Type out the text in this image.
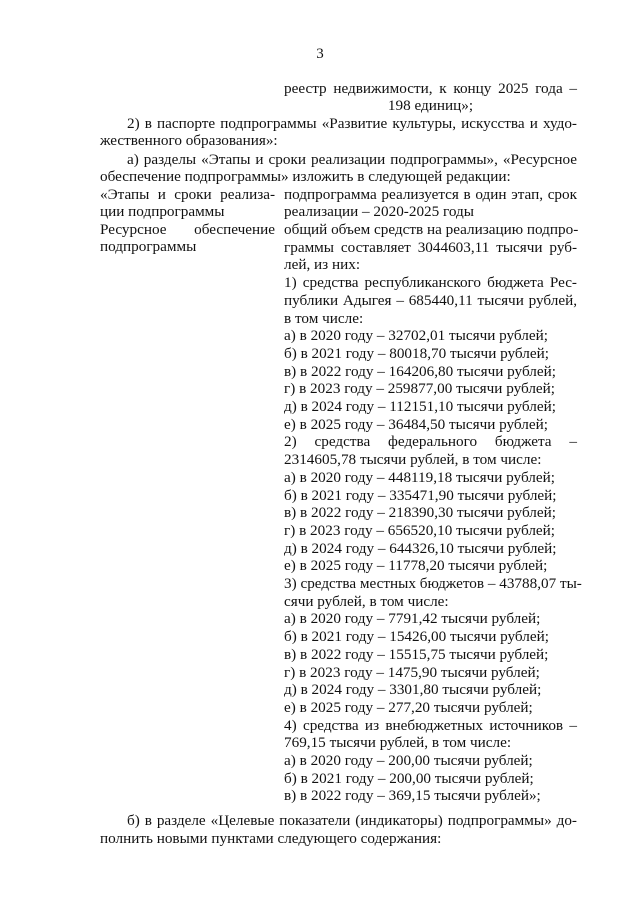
3
реестр недвижимости, к концу 2025 года –
198 единиц»;
2) в паспорте подпрограммы «Развитие культуры, искусства и худо-
жественного образования»:
а) разделы «Этапы и сроки реализации подпрограммы», «Ресурсное
обеспечение подпрограммы» изложить в следующей редакции:
«Этапы и сроки реализа-
ции подпрограммы
подпрограмма реализуется в один этап, срок
реализации – 2020-2025 годы
Ресурсное обеспечение
подпрограммы
общий объем средств на реализацию подпро-
граммы составляет 3044603,11 тысячи руб-
лей, из них:
1) средства республиканского бюджета Рес-
публики Адыгея – 685440,11 тысячи рублей,
в том числе:
а) в 2020 году – 32702,01 тысячи рублей;
б) в 2021 году – 80018,70 тысячи рублей;
в) в 2022 году – 164206,80 тысячи рублей;
г) в 2023 году – 259877,00 тысячи рублей;
д) в 2024 году – 112151,10 тысячи рублей;
е) в 2025 году – 36484,50 тысячи рублей;
2) средства федерального бюджета –
2314605,78 тысячи рублей, в том числе:
а) в 2020 году – 448119,18 тысячи рублей;
б) в 2021 году – 335471,90 тысячи рублей;
в) в 2022 году – 218390,30 тысячи рублей;
г) в 2023 году – 656520,10 тысячи рублей;
д) в 2024 году – 644326,10 тысячи рублей;
е) в 2025 году – 11778,20 тысячи рублей;
3) средства местных бюджетов – 43788,07 ты-
сячи рублей, в том числе:
а) в 2020 году – 7791,42 тысячи рублей;
б) в 2021 году – 15426,00 тысячи рублей;
в) в 2022 году – 15515,75 тысячи рублей;
г) в 2023 году – 1475,90 тысячи рублей;
д) в 2024 году – 3301,80 тысячи рублей;
е) в 2025 году – 277,20 тысячи рублей;
4) средства из внебюджетных источников –
769,15 тысячи рублей, в том числе:
а) в 2020 году – 200,00 тысячи рублей;
б) в 2021 году – 200,00 тысячи рублей;
в) в 2022 году – 369,15 тысячи рублей»;
б) в разделе «Целевые показатели (индикаторы) подпрограммы» до-
полнить новыми пунктами следующего содержания:
